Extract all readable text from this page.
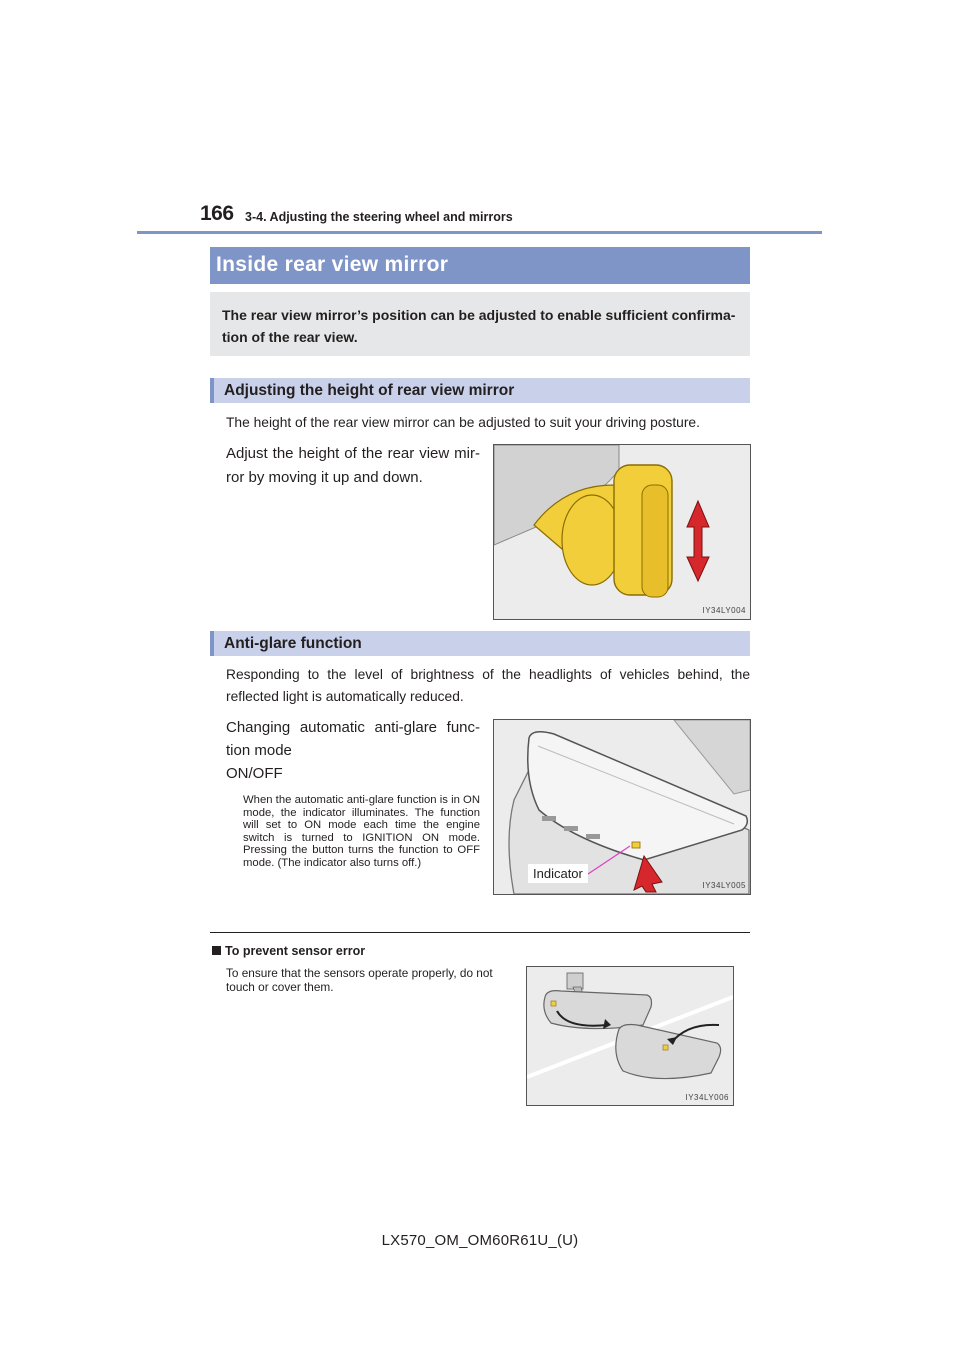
166 3-4. Adjusting the steering wheel and mirrors
Inside rear view mirror
The rear view mirror’s position can be adjusted to enable sufficient confirma-tion of the rear view.
Adjusting the height of rear view mirror
The height of the rear view mirror can be adjusted to suit your driving posture.
Adjust the height of the rear view mir-ror by moving it up and down.
IY34LY004
Anti-glare function
Responding to the level of brightness of the headlights of vehicles behind, the reflected light is automatically reduced.
Changing automatic anti-glare func-tion mode
ON/OFF
When the automatic anti-glare function is in ON mode, the indicator illuminates. The function will set to ON mode each time the engine switch is turned to IGNITION ON mode. Pressing the button turns the function to OFF mode. (The indicator also turns off.)
IY34LY005
Indicator
To prevent sensor error
To ensure that the sensors operate properly, do not touch or cover them.
IY34LY006
LX570_OM_OM60R61U_(U)
